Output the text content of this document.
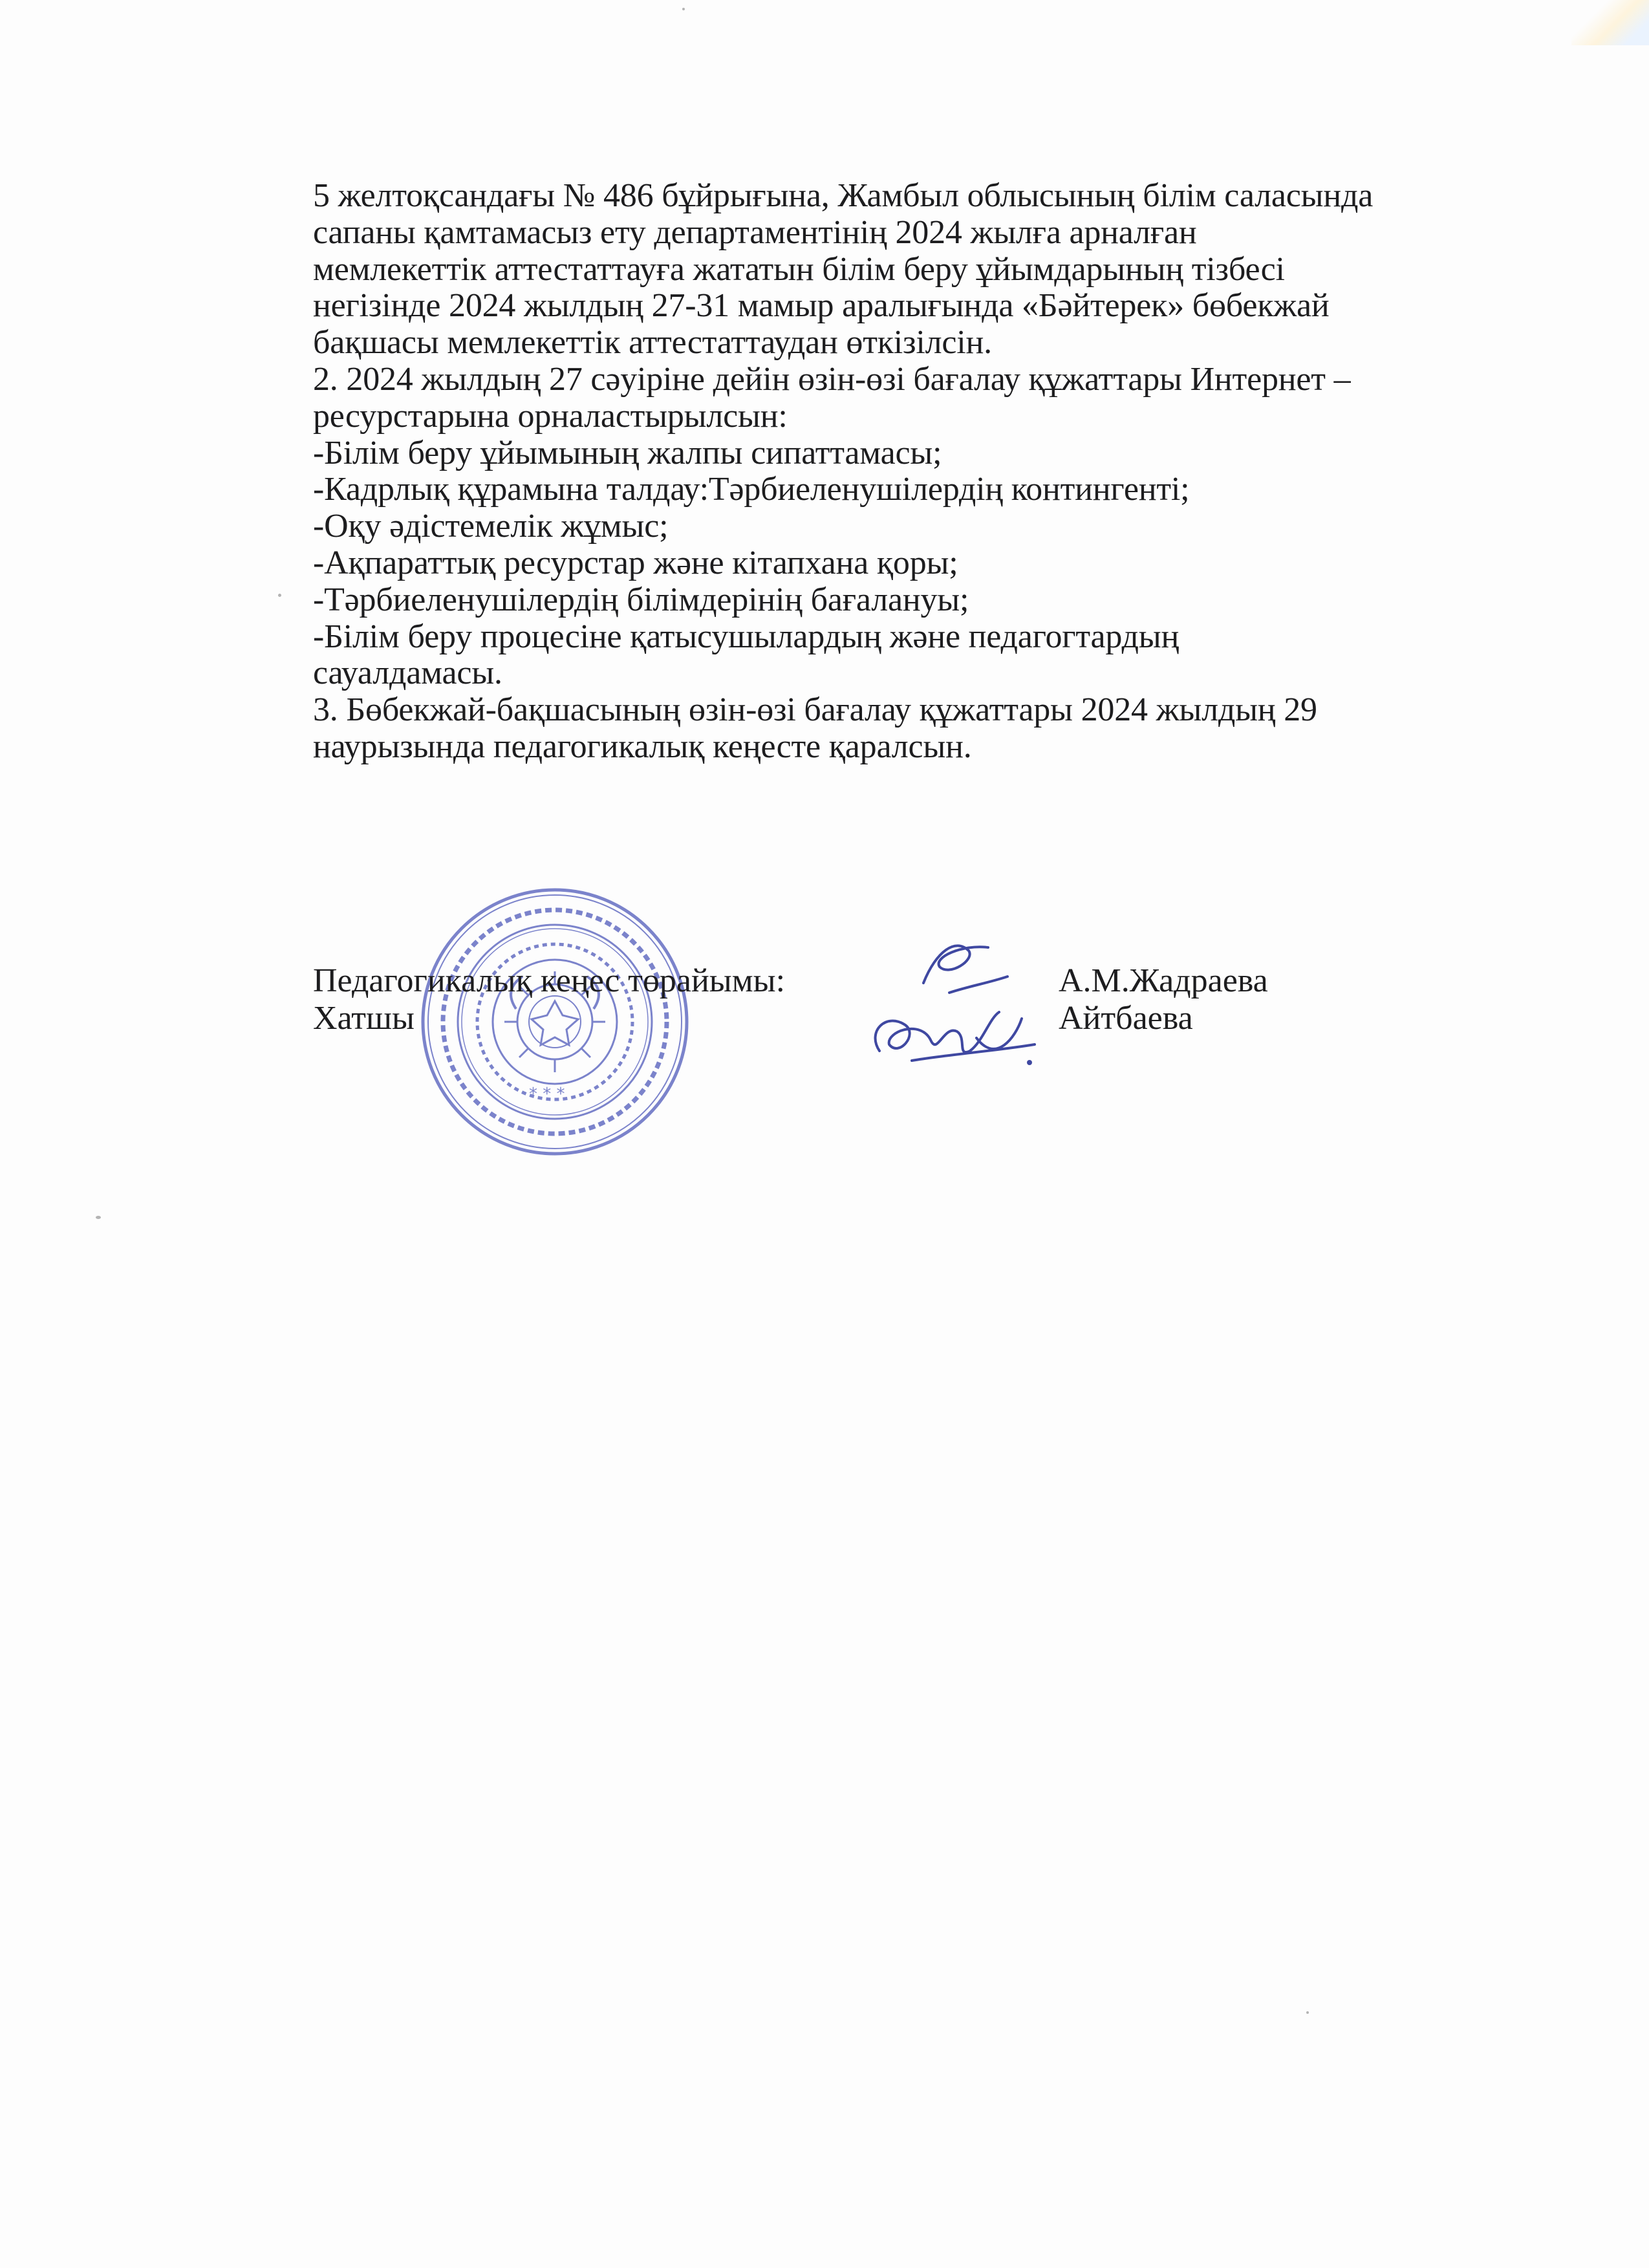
5 желтоқсандағы № 486 бұйрығына, Жамбыл облысының білім саласында
сапаны қамтамасыз ету департаментінің 2024 жылға арналған
мемлекеттік аттестаттауға жататын білім беру ұйымдарының тізбесі
негізінде 2024 жылдың 27-31 мамыр аралығында «Бәйтерек» бөбекжай
бақшасы мемлекеттік аттестаттаудан өткізілсін.
2. 2024 жылдың 27 сәуіріне дейін өзін-өзі бағалау құжаттары Интернет –
ресурстарына орналастырылсын:
-Білім беру ұйымының жалпы сипаттамасы;
-Кадрлық құрамына талдау:Тәрбиеленушілердің контингенті;
-Оқу әдістемелік жұмыс;
-Ақпараттық ресурстар және кітапхана қоры;
-Тәрбиеленушілердің білімдерінің бағалануы;
-Білім беру процесіне қатысушылардың және педагогтардың
сауалдамасы.
3. Бөбекжай-бақшасының өзін-өзі бағалау құжаттары 2024 жылдың 29
наурызында педагогикалық кеңесте қаралсын.
* * *
Педагогикалық кеңес төрайымы:	А.М.Жадраева
Хатшы	Айтбаева
